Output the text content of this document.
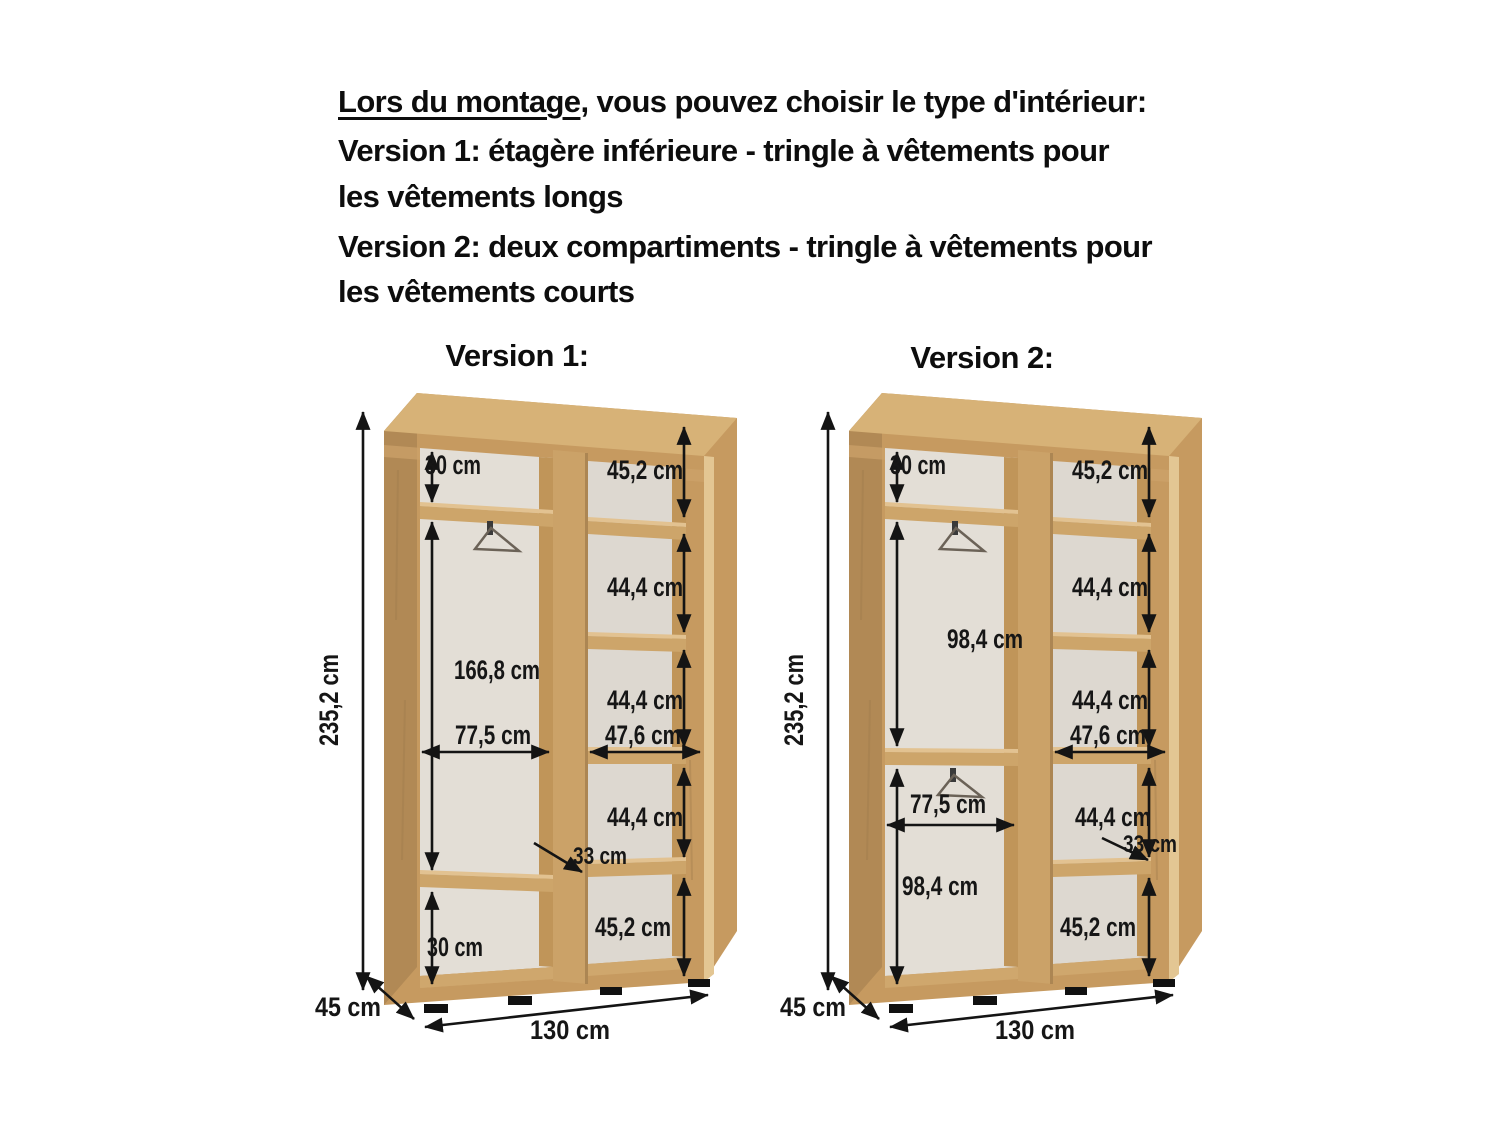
Lors du montage, vous pouvez choisir le type d'intérieur:
Version 1: étagère inférieure - tringle à vêtements pour
les vêtements longs
Version 2: deux compartiments - tringle à vêtements pour
les vêtements courts
Version 1:	Version 2:
30 cm
166,8 cm
77,5 cm
33 cm
30 cm
45,2 cm
44,4 cm
44,4 cm
47,6 cm
44,4 cm
45,2 cm
235,2 cm
45 cm
130 cm
30 cm
98,4 cm
77,5 cm
98,4 cm
45,2 cm
44,4 cm
44,4 cm
47,6 cm
44,4 cm
33 cm
45,2 cm
235,2 cm
45 cm
130 cm
